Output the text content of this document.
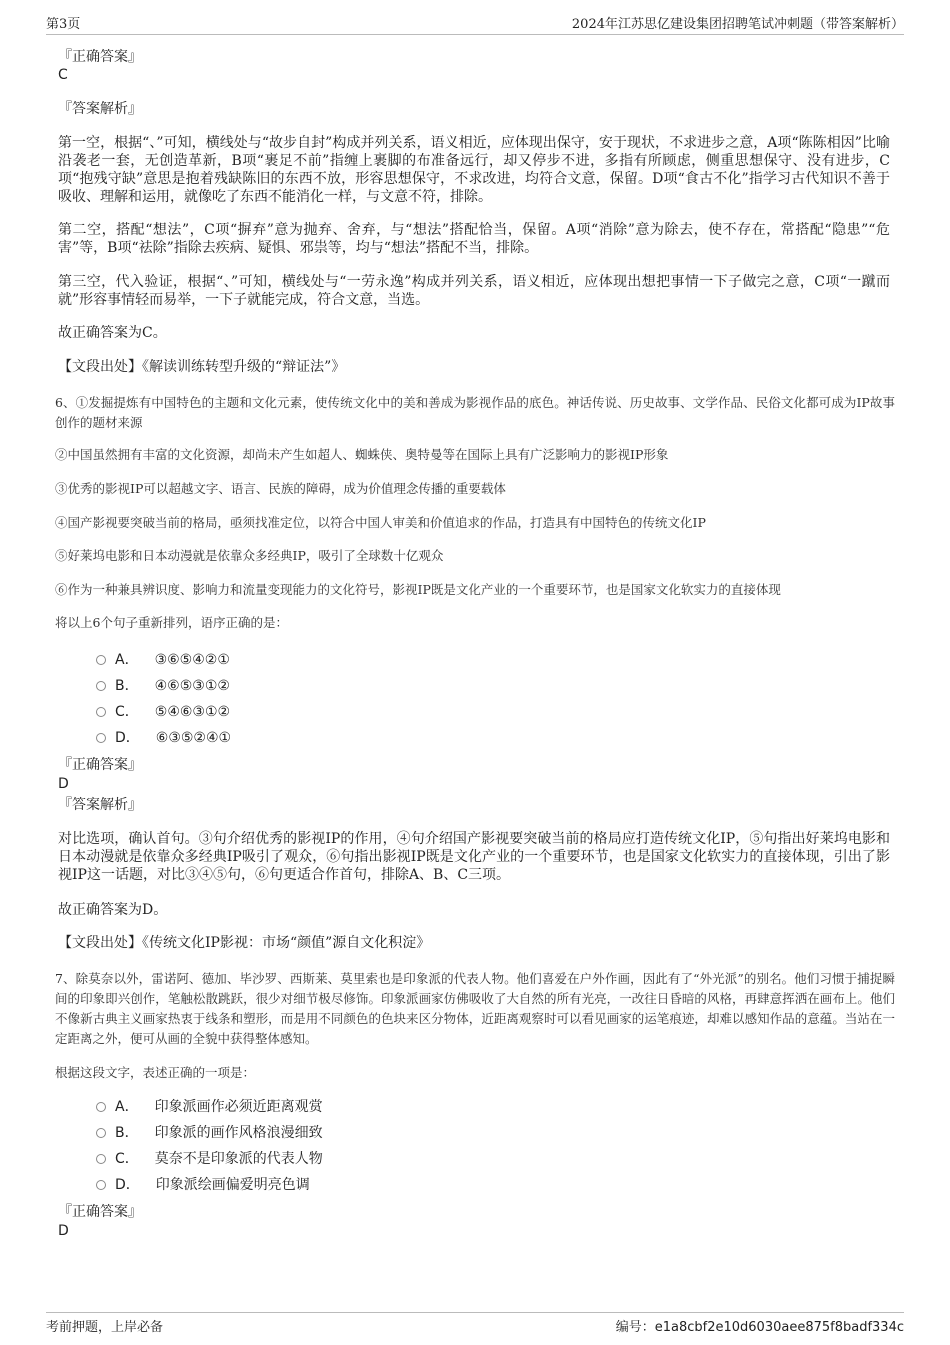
第3页	2024年江苏思亿建设集团招聘笔试冲刺题（带答案解析）
『正确答案』
C
『答案解析』
第一空，根据“、”可知，横线处与“故步自封”构成并列关系，语义相近，应体现出保守，安于现状，不求进步之意，A项“陈陈相因”比喻沿袭老一套，无创造革新，B项“裹足不前”指缠上裹脚的布准备远行，却又停步不进，多指有所顾虑，侧重思想保守、没有进步，C项“抱残守缺”意思是抱着残缺陈旧的东西不放，形容思想保守，不求改进，均符合文意，保留。D项“食古不化”指学习古代知识不善于吸收、理解和运用，就像吃了东西不能消化一样，与文意不符，排除。
第二空，搭配“想法”，C项“摒弃”意为抛弃、舍弃，与“想法”搭配恰当，保留。A项“消除”意为除去，使不存在，常搭配“隐患”“危害”等，B项“祛除”指除去疾病、疑惧、邪祟等，均与“想法”搭配不当，排除。
第三空，代入验证，根据“、”可知，横线处与“一劳永逸”构成并列关系，语义相近，应体现出想把事情一下子做完之意，C项“一蹴而就”形容事情轻而易举，一下子就能完成，符合文意，当选。
故正确答案为C。
【文段出处】《解读训练转型升级的“辩证法”》
6、①发掘提炼有中国特色的主题和文化元素，使传统文化中的美和善成为影视作品的底色。神话传说、历史故事、文学作品、民俗文化都可成为IP故事创作的题材来源
②中国虽然拥有丰富的文化资源，却尚未产生如超人、蜘蛛侠、奥特曼等在国际上具有广泛影响力的影视IP形象
③优秀的影视IP可以超越文字、语言、民族的障碍，成为价值理念传播的重要载体
④国产影视要突破当前的格局，亟须找准定位，以符合中国人审美和价值追求的作品，打造具有中国特色的传统文化IP
⑤好莱坞电影和日本动漫就是依靠众多经典IP，吸引了全球数十亿观众
⑥作为一种兼具辨识度、影响力和流量变现能力的文化符号，影视IP既是文化产业的一个重要环节，也是国家文化软实力的直接体现
将以上6个句子重新排列，语序正确的是：
A． ③⑥⑤④②①
B． ④⑥⑤③①②
C． ⑤④⑥③①②
D． ⑥③⑤②④①
『正确答案』
D
『答案解析』
对比选项，确认首句。③句介绍优秀的影视IP的作用，④句介绍国产影视要突破当前的格局应打造传统文化IP，⑤句指出好莱坞电影和日本动漫就是依靠众多经典IP吸引了观众，⑥句指出影视IP既是文化产业的一个重要环节，也是国家文化软实力的直接体现，引出了影视IP这一话题，对比③④⑤句，⑥句更适合作首句，排除A、B、C三项。
故正确答案为D。
【文段出处】《传统文化IP影视：市场“颜值”源自文化积淀》
7、除莫奈以外，雷诺阿、德加、毕沙罗、西斯莱、莫里索也是印象派的代表人物。他们喜爱在户外作画，因此有了“外光派”的别名。他们习惯于捕捉瞬间的印象即兴创作，笔触松散跳跃，很少对细节极尽修饰。印象派画家仿佛吸收了大自然的所有光亮，一改往日昏暗的风格，再肆意挥洒在画布上。他们不像新古典主义画家热衷于线条和塑形，而是用不同颜色的色块来区分物体，近距离观察时可以看见画家的运笔痕迹，却难以感知作品的意蕴。当站在一定距离之外，便可从画的全貌中获得整体感知。
根据这段文字，表述正确的一项是：
A． 印象派画作必须近距离观赏
B． 印象派的画作风格浪漫细致
C． 莫奈不是印象派的代表人物
D． 印象派绘画偏爱明亮色调
『正确答案』
D
考前押题，上岸必备	编号：e1a8cbf2e10d6030aee875f8badf334c
